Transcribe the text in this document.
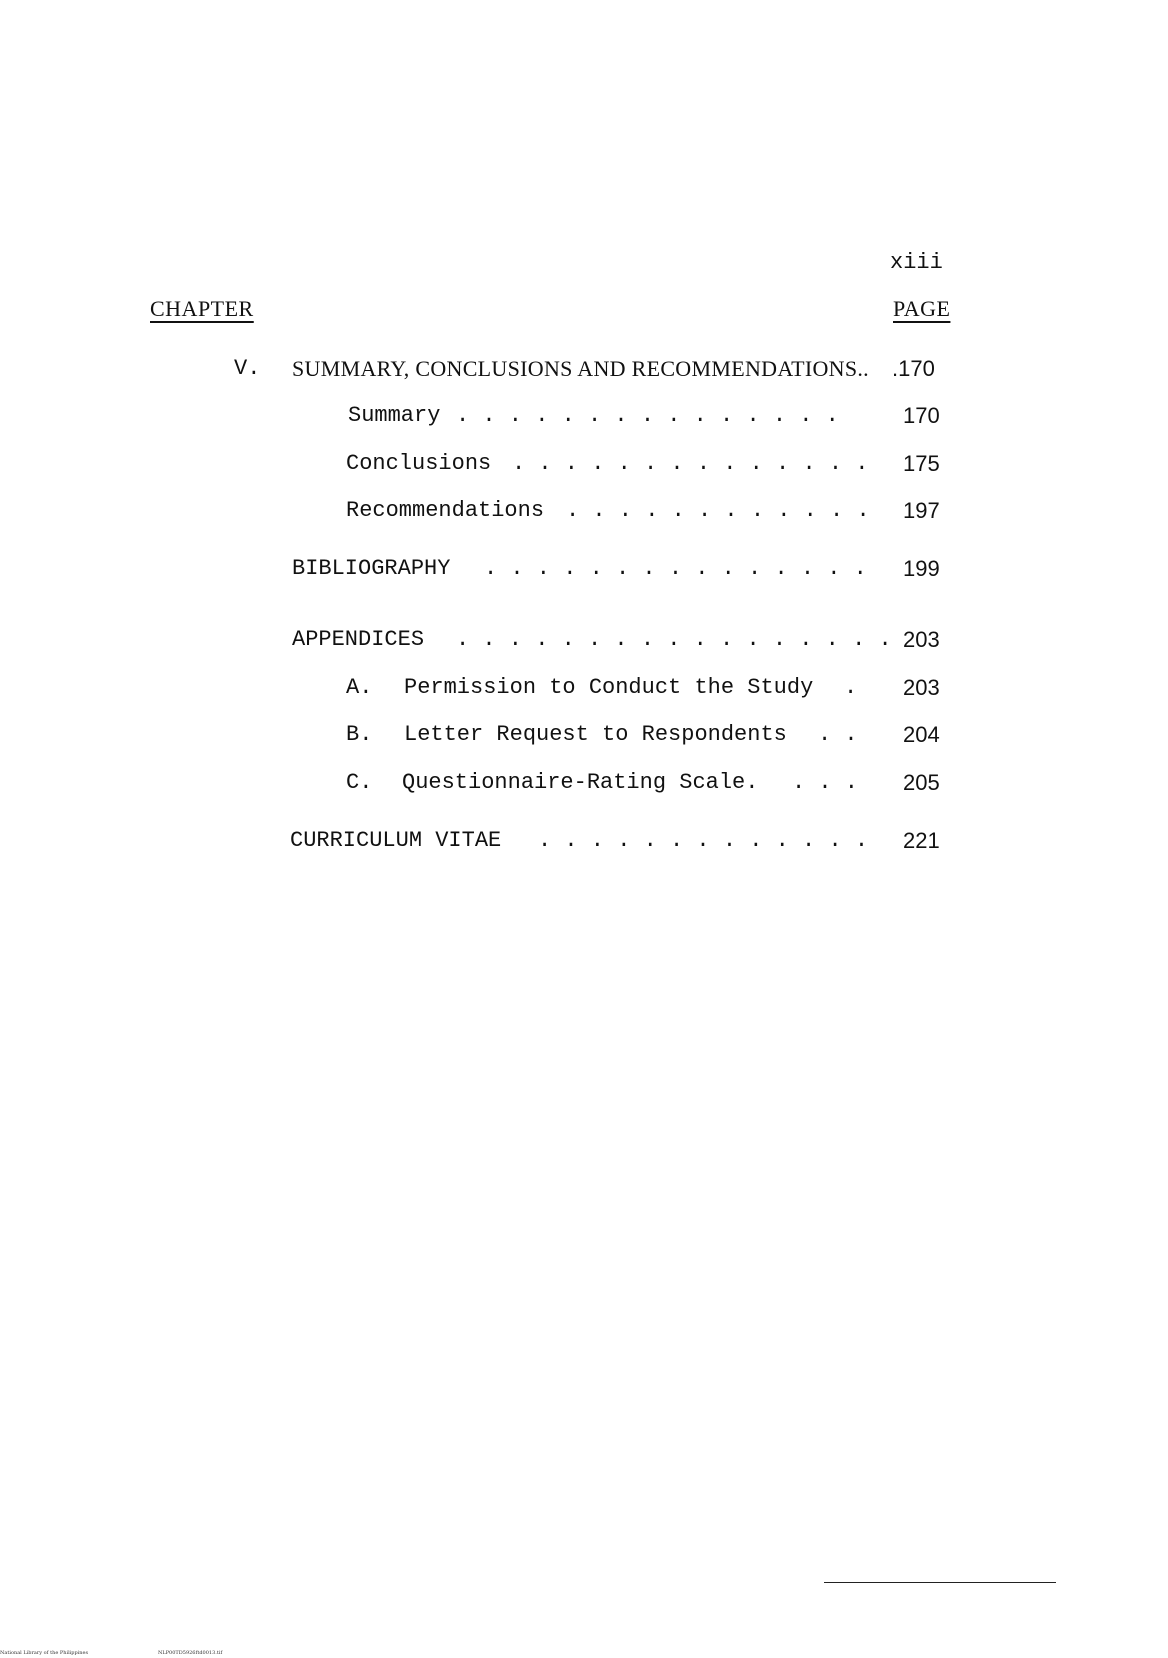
xiii
CHAPTER	PAGE
V. SUMMARY, CONCLUSIONS AND RECOMMENDATIONS.. .170
Summary . . . . . . . . . . . . . . .	170
Conclusions . . . . . . . . . . . . . . 175
Recommendations . . . . . . . . . . . . 197
BIBLIOGRAPHY . . . . . . . . . . . . . . . 199
APPENDICES . . . . . . . . . . . . . . . . . 203
A. Permission to Conduct the Study . 203
B. Letter Request to Respondents . . 204
C. Questionnaire-Rating Scale. . . . 205
CURRICULUM VITAE . . . . . . . . . . . . . 221
National Library of the Philippines	NLP00TD5926ftd0013.tif
